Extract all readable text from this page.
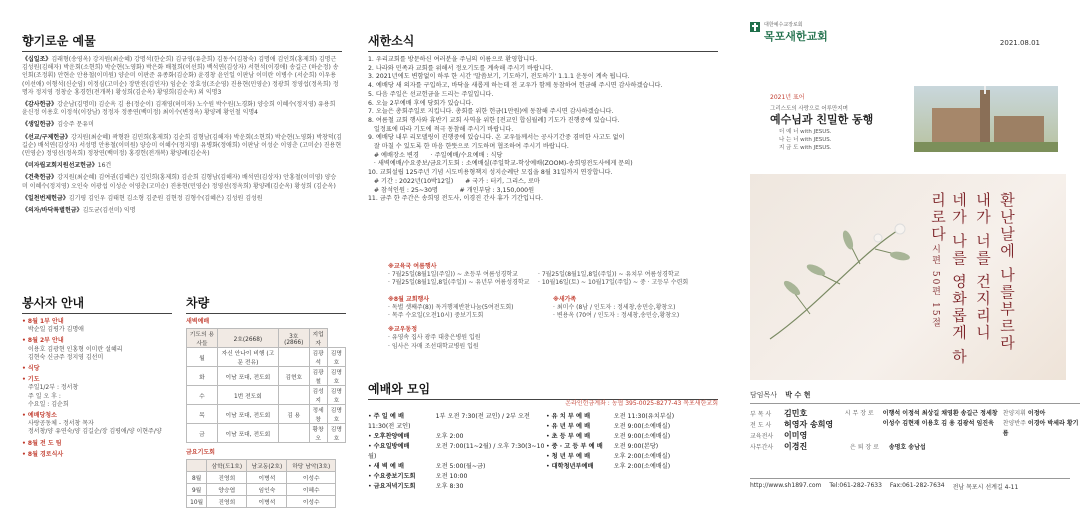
향기로운 예물
《십일조》김래형(송영옥) 강지원(최순혜) 강명석(한순희) 김규영(유춘희) 김동수(김창숙) 김명애 김인희(홍제희) 김명근 김성원(김해자) 박운회(소현희) 박순현(노영화) 박은화 배철희(이선희) 백석연(김상자) 서현석(이경애) 송길근 (하순정) 송인회(조정휘) 안현순 안용철(이미원) 양순미 이판준 유종화(김순화) 윤경창 윤인일 이판남 이미란 이병수 (서순희) 이우용(이선애) 이형석(신순임) 이정심(고미순) 장만진(김인자) 임순순 장효성(조순영) 진용현(민영순) 정광희 정영섭(정옥희) 정명자 정지영 정창순 홍경헌(전개복) 황성희(김순옥) 황영희(김순옥) 외 익명3
《감사헌금》강순남(김명미) 김순옥 김 용(정순이) 김재영(허미자) 노수원 박수원(노경화) 양승희 이혜수(정지영) 유용희 윤신정 이용호 이정석(이장남) 정정자 정종연(백미정) 최이수(변정옥) 황양례 황인철 익명4
《생일헌금》김승주 문유미
《선교/구제헌금》강지원(최순혜) 곽형완 김민희(홍제희) 김순희 김형남(김해자) 박운회(소현희) 박순현(노영화) 박창덕(김길순) 배석연(김상자) 서성명 안용철(이미원) 양승미 이혜수(정지영) 유병화(정애희) 이판남 이성순 이영춘 (고미순) 진용현(민영순) 정영선(정옥희) 정창연(백미정) 홍경헌(전개복) 황양례(김순옥)
《미자립교회지원선교헌금》16건
《건축헌금》강지원(최순혜) 김여권(김혜은) 김인희(홍제희) 김순희 김형남(김해자) 배석연(김상자) 안홍철(이미영) 양승미 이혜수(정지영) 오인숙 이광섭 이성순 이영춘(고미순) 진용현(민영순) 정영선(정옥희) 황양례(김순옥) 황성희 (김순옥)
《일천번제헌금》김기평 김인우 김태현 김소형 김준원 김현정 김형수(김혜은) 김성원 김성원
《의자/바닥특별헌금》김도균(김선미) 익명
봉사자 안내
• 8월 1부 안내
박순일 김평가 김명애
• 8월 2부 안내
이용호 김광현 인홍형 이미란 설혜리
김현숙 신금주 정지영 김선미
• 식당
• 기도
주일1/2부 : 정서창
주 일 오 후 :
수요일 : 김순희
• 예배당청소
사랑공동체 - 정서창 목자
정서창/양 유연숙/양 김길순/장 김평애/양 이현주/양
• 8월 전 도 팀
• 8월 경로식사
차량
새벽예배
기도의 용사들	2호(2668)	3호(2866)	지업자	
월	자신 안나이 비행 (고문 전유)		김광석	김명호
화	이남 포대, 전도회	김현호	김광철	김명호
수	1번 전도회		김성지	김명호
목	이남 포대, 전도회	김 용	정세창	김명호
금	이남 포대, 전도회		황창오	김명호
금요기도회
	삼학(도1호)	남교동(2호)	하당 남악(3호)
8월	진영희	이병석	이성수
9월	양승엽	임인숙	이혜수
10월	진영희	이병석	이성수
새한소식
1. 우리교회를 방문하신 여러분을 주님의 이름으로 환영합니다.
2. 나라와 민족과 교회를 위해서 정오기도를 계속해 주시기 바랍니다.
3. 2021년에도 변함없이 하루 한 시간 '말씀보기, 기도하기, 전도하기' 1.1.1 운동이 계속 됩니다.
4. 예배당 새 의자를 구입하고, 바닥을 새롭게 하는데 전 교우가 함께 동참하여 헌금해 주시면 감사하겠습니다.
5. 다음 주일은 선교헌금을 드리는 주일입니다.
6. 오늘 2부예배 후에 당회가 있습니다.
7. 오늘은 총회주일로 지킵니다. 총회를 위한 헌금(1만원)에 동참해 주시면 감사하겠습니다.
8. 여름철 교회 행사와 휴반기 교회 사역을 위한 [전교인 합심월례] 기도가 진행중에 있습니다.
일정표에 따라 기도에 적극 동참해 주시기 바랍니다.
9. 예배당 내부 리모델링이 진행중에 있습니다. 온 교우들께서는 공사기간중 겸비한 사고도 없이
잘 마칠 수 있도록 한 마음 한뜻으로 기도하며 협조하여 주시기 바랍니다.
# 예배장소 변경      · 주일예배/수요예배 : 식당
· 새벽예배/수요중보/금요기도회 : 소예배실(주일학교-학상예배(ZOOM)-송희영전도사에게 문의)
10. 교회설립 125주년 기념 시도비용형책지 성지순례단 모집을 8월 31일까지 연장합니다.
# 기간 : 2022년(10박12일)      # 국가 : 터키, 그리스, 로마
# 참석인원 : 25~30명           # 개인부담 : 3,150,000원
11. 금주 한 주간은 송희영 전도사, 이경진 간사 휴가 기간입니다.
※교육국 여름행사
· 7월25일(8월1일(주일)) ~ 초등부 여름성경학교
· 7월25일(8월1일,8일(주일)) ~ 유년부 여름성경학교
· 7월25일(8월1일,8일(주일)) ~ 유치부 여름성경학교
· 10월16일(토) ~ 10월17일(주일) ~ 중 · 고등부 수련회
※8월 교회행사
· 독별 셋째주(8)) 독거행제반찬나눔(5여전도회)
· 목주 수요일(오전10시) 중보기도회
※새가족
· 최미수 (8남 / 인도자 : 정세창,송민승,황창오)
· 변용옥 (70여 / 인도자 : 정세창,송민승,황창오)
※교우동정
· 유영속 집사 광주 대충은병원 입원
· 임사은 자매 조선대학교병원 입원
예배와 모임
온라인헌금계좌 : 농협 395-0025-8277-43 목포새한교회
• 주 일 예 배	1부 오전 7:30(전 교인) / 2부 오전 11:30(전 교인)
• 오후찬양예배	오후 2:00
• 수요일방예배	오전 7:00(11~2월) / 오후 7:30(3~10월)
• 새 벽 예 배	오전 5:00(월~금)
• 수요중보기도회	오전 10:00
• 금요저녁기도회	오후 8:30
• 유 치 부 예 배	오전 11:30(유치부실)
• 유 년 부 예 배	오전 9:00(소예배실)
• 초 등 부 예 배	오전 9:00(소예배실)
• 중 · 고 등 부 예 배 오전 9:00(본당)
• 청 년 부 예 배	오후 2:00(소예배실)
• 대학청년부예배	오후 2:00(소예배실)
대한예수교장로회
목포새한교회	2021.08.01
2021년 표어
그리스도의 사랑으로 어루만지며
예수님과 친밀한 동행
더 예 너 with JESUS.
나 는 너 with JESUS.
지 금 도 with JESUS.
환난날에 나를부르라
내가 너를 건지리니
네가 나를 영화롭게 하리로다
시편 50편 15절
담임목사 박 수 현
부 목 사 김민호
전 도 사 허영자 송희영
교육전사 이미영
사무간사 이경진
시 무 장 로	이행석 이정석 최상길 채영환 송길근 정세창 이성수 김현재 이용호 김 용 김광석 임진욱
찬양지휘 이정아
찬양반주 이경아 박세라 황기름
은 퇴 장 로 송명호 송남섭
http://www.sh1897.com Tel:061-282-7633 Fax:061-282-7634 전남 목포시 선계길 4-11
